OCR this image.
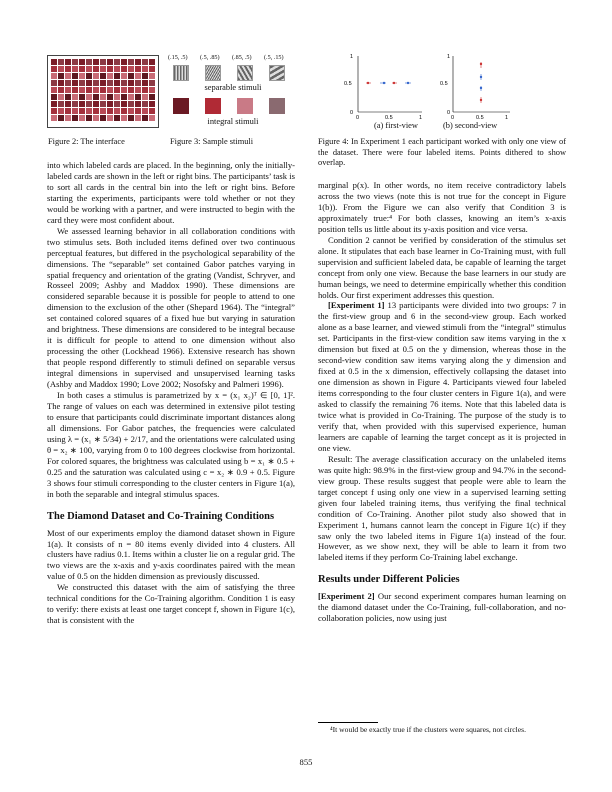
Figure 2: The interface
(.15, .5) (.5, .85) (.85, .5) (.5, .15)
separable stimuli
integral stimuli
Figure 3: Sample stimuli
1
0.5
0
0	0.5	1
1
0.5
0
0	0.5	1
(a) first-view	(b) second-view
Figure 4: In Experiment 1 each participant worked with only one view of the dataset. There were four labeled items. Points dithered to show overlap.

into which labeled cards are placed. In the beginning, only the initially-labeled cards are shown in the left or right bins. The participants’ task is to sort all cards in the central bin into the left or right bins. Before starting the experiments, participants were told whether or not they would be working with a partner, and were instructed to begin with the card they were most confident about.

We assessed learning behavior in all collaboration conditions with two stimulus sets. Both included items defined over two continuous perceptual features, but differed in the psychological separability of the dimensions. The “separable” set contained Gabor patches varying in spatial frequency and orientation of the grating (Vandist, Schryver, and Rosseel 2009; Ashby and Maddox 1990). These dimensions are considered separable because it is possible for people to attend to one dimension to the exclusion of the other (Shepard 1964). The “integral” set contained colored squares of a fixed hue but varying in saturation and brightness. These dimensions are considered to be integral because it is difficult for people to attend to one dimension without also processing the other (Lockhead 1966). Extensive research has shown that people respond differently to stimuli defined on separable versus integral dimensions in supervised and unsupervised learning tasks (Ashby and Maddox 1990; Love 2002; Nosofsky and Palmeri 1996).

In both cases a stimulus is parametrized by x = (x₁ x₂)ᵀ ∈ [0, 1]². The range of values on each was determined in extensive pilot testing to ensure that participants could discriminate important distances along all dimensions. For Gabor patches, the frequencies were calculated using λ = (x₁ ∗ 5/34) + 2/17, and the orientations were calculated using θ = x₂ ∗ 100, varying from 0 to 100 degrees clockwise from horizontal. For colored squares, the brightness was calculated using b = x₁ ∗ 0.5 + 0.25 and the saturation was calculated using c = x₂ ∗ 0.9 + 0.5. Figure 3 shows four stimuli corresponding to the cluster centers in Figure 1(a), in both the separable and integral stimulus spaces.

The Diamond Dataset and Co-Training Conditions

Most of our experiments employ the diamond dataset shown in Figure 1(a). It consists of n = 80 items evenly divided into 4 clusters. All clusters have radius 0.1. Items within a cluster lie on a regular grid. The two views are the x-axis and y-axis coordinates paired with the mean value of 0.5 on the hidden dimension as previously discussed.

We constructed this dataset with the aim of satisfying the three technical conditions for the Co-Training algorithm. Condition 1 is easy to verify: there exists at least one target concept f, shown in Figure 1(c), that is consistent with the

marginal p(x). In other words, no item receive contradictory labels across the two views (note this is not true for the concept in Figure 1(b)). From the Figure we can also verify that Condition 3 is approximately true:⁴ For both classes, knowing an item’s x-axis position tells us little about its y-axis position and vice versa.

Condition 2 cannot be verified by consideration of the stimulus set alone. It stipulates that each base learner in Co-Training must, with full supervision and sufficient labeled data, be capable of learning the target concept from only one view. Because the base learners in our study are human beings, we need to determine empirically whether this condition holds. Our first experiment addresses this question.

[Experiment 1] 13 participants were divided into two groups: 7 in the first-view group and 6 in the second-view group. Each worked alone as a base learner, and viewed stimuli from the “integral” stimulus set. Participants in the first-view condition saw items varying in the x dimension but fixed at 0.5 on the y dimension, whereas those in the second-view condition saw items varying along the y dimension and fixed at 0.5 in the x dimension, effectively collapsing the dataset into one dimension as shown in Figure 4. Participants viewed four labeled items corresponding to the four cluster centers in Figure 1(a), and were asked to classify the remaining 76 items. Note that this labeled data is twice what is provided in Co-Training. The purpose of the study is to verify that, when provided with this supervised experience, human learners are capable of learning the target concept as it is projected in one view.

Result: The average classification accuracy on the unlabeled items was quite high: 98.9% in the first-view group and 94.7% in the second-view group. These results suggest that people were able to learn the target concept f using only one view in a supervised learning setting given four labeled training items, thus verifying the final technical condition of Co-Training. Another pilot study also showed that in Experiment 1, humans cannot learn the concept in Figure 1(c) if they saw only the two labeled items in Figure 1(a) instead of the four. However, as we show next, they will be able to learn it from two labeled items if they perform Co-Training label exchange.

Results under Different Policies

[Experiment 2] Our second experiment compares human learning on the diamond dataset under the Co-Training, full-collaboration, and no-collaboration policies, now using just

⁴It would be exactly true if the clusters were squares, not circles.
855
